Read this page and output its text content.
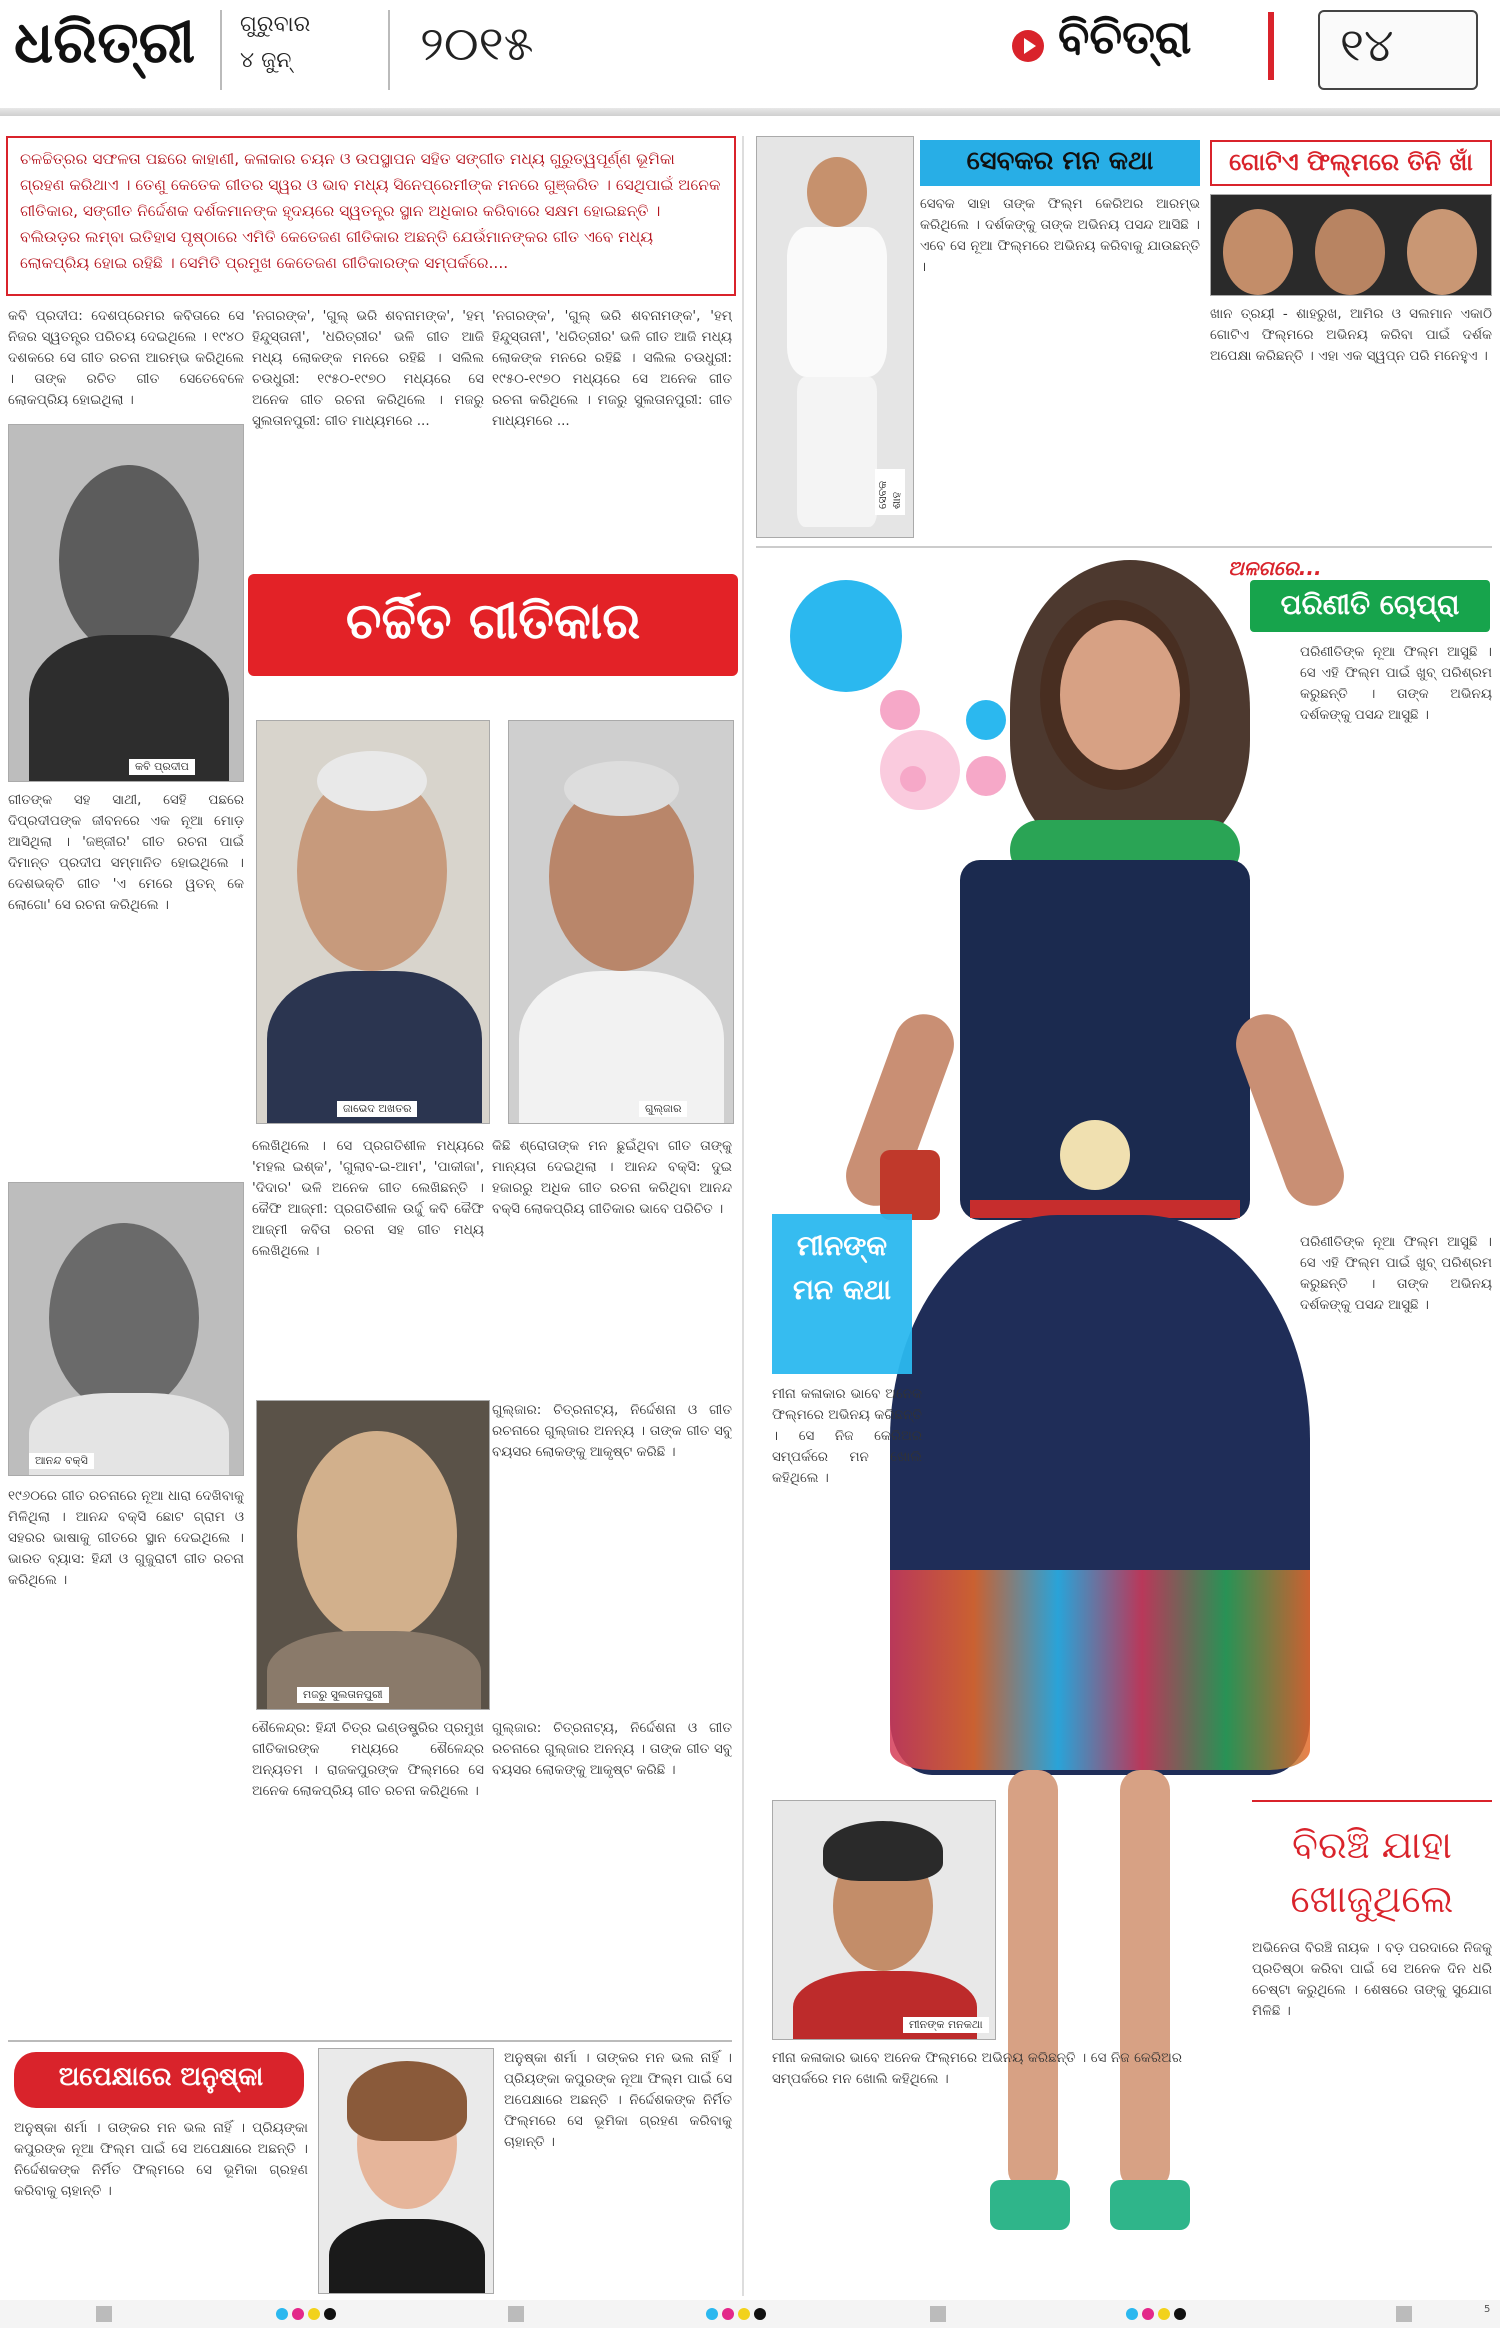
ଧରିତ୍ରୀ ଗୁରୁବାର
୪ ଜୁନ୍	୨୦୧୫	ବିଚିତ୍ରା	୧୪
ଚଳଚ୍ଚିତ୍ରର ସଫଳତା ପଛରେ କାହାଣୀ, କଳାକାର ଚୟନ ଓ ଉପସ୍ଥାପନ ସହିତ ସଙ୍ଗୀତ ମଧ୍ୟ ଗୁରୁତ୍ୱପୂର୍ଣ୍ଣ ଭୂମିକା ଗ୍ରହଣ କରିଥାଏ । ତେଣୁ କେତେକ ଗୀତର ସ୍ୱର ଓ ଭାବ ମଧ୍ୟ ସିନେପ୍ରେମୀଙ୍କ ମନରେ ଗୁଞ୍ଜରିତ । ସେଥିପାଇଁ ଅନେକ ଗୀତିକାର, ସଙ୍ଗୀତ ନିର୍ଦ୍ଦେଶକ ଦର୍ଶକମାନଙ୍କ ହୃଦୟରେ ସ୍ୱତନ୍ତ୍ର ସ୍ଥାନ ଅଧିକାର କରିବାରେ ସକ୍ଷମ ହୋଇଛନ୍ତି । ବଲିଉଡ଼ର ଲମ୍ବା ଇତିହାସ ପୃଷ୍ଠାରେ ଏମିତି କେତେଜଣ ଗୀତିକାର ଅଛନ୍ତି ଯେଉଁମାନଙ୍କର ଗୀତ ଏବେ ମଧ୍ୟ ଲୋକପ୍ରିୟ ହୋଇ ରହିଛି । ସେମିତି ପ୍ରମୁଖ କେତେଜଣ ଗୀତିକାରଙ୍କ ସମ୍ପର୍କରେ....
କବି ପ୍ରଦୀପ: ଦେଶପ୍ରେମର କବିତାରେ ସେ ନିଜର ସ୍ୱତନ୍ତ୍ର ପରିଚୟ ଦେଇଥିଲେ । ୧୯୪୦ ଦଶକରେ ସେ ଗୀତ ରଚନା ଆରମ୍ଭ କରିଥିଲେ । ତାଙ୍କ ରଚିତ ଗୀତ ସେତେବେଳେ ଲୋକପ୍ରିୟ ହୋଇଥିଲା ।
କବି ପ୍ରଦୀପ
'ନଗରଙ୍କ', 'ଗୁଲ୍ ଭରି ଶବନାମଙ୍କ', 'ହମ୍ ହିନ୍ଦୁସ୍ତାନୀ', 'ଧରିତ୍ରୀର' ଭଳି ଗୀତ ଆଜି ମଧ୍ୟ ଲୋକଙ୍କ ମନରେ ରହିଛି । ସଲିଲ ଚଉଧୁରୀ: ୧୯୫୦-୧୯୭୦ ମଧ୍ୟରେ ସେ ଅନେକ ଗୀତ ରଚନା କରିଥିଲେ । ମଜରୁ ସୁଲତାନପୁରୀ: ଗୀତ ମାଧ୍ୟମରେ ...
'ନଗରଙ୍କ', 'ଗୁଲ୍ ଭରି ଶବନାମଙ୍କ', 'ହମ୍ ହିନ୍ଦୁସ୍ତାନୀ', 'ଧରିତ୍ରୀର' ଭଳି ଗୀତ ଆଜି ମଧ୍ୟ ଲୋକଙ୍କ ମନରେ ରହିଛି । ସଲିଲ ଚଉଧୁରୀ: ୧୯୫୦-୧୯୭୦ ମଧ୍ୟରେ ସେ ଅନେକ ଗୀତ ରଚନା କରିଥିଲେ । ମଜରୁ ସୁଲତାନପୁରୀ: ଗୀତ ମାଧ୍ୟମରେ ...
ଚର୍ଚ୍ଚିତ ଗୀତିକାର
ଗୀତଙ୍କ ସହ ସାଥୀ, ସେହି ପଛରେ ଦିପ୍ରଦୀପଙ୍କ ଜୀବନରେ ଏକ ନୂଆ ମୋଡ଼ ଆସିଥିଲା । 'ଜଞ୍ଜୀର' ଗୀତ ରଚନା ପାଇଁ ଦିମାନ୍ତ ପ୍ରଦୀପ ସମ୍ମାନିତ ହୋଇଥିଲେ । ଦେଶଭକ୍ତି ଗୀତ 'ଏ ମେରେ ୱତନ୍ କେ ଲୋଗୋ' ସେ ରଚନା କରିଥିଲେ ।
ଜାଭେଦ ଅଖତର	ଗୁଲ୍ଜାର
ଲେଖିଥିଲେ । ସେ ପ୍ରଗତିଶୀଳ ମଧ୍ୟରେ 'ମହଲ ଇଶ୍କ', 'ଗୁଲାବ-ଇ-ଆମ', 'ପାକୀଜା', 'ଦିଦାର' ଭଳି ଅନେକ ଗୀତ ଲେଖିଛନ୍ତି । କୈଫି ଆଜ୍ମୀ: ପ୍ରଗତିଶୀଳ ଉର୍ଦ୍ଦୁ କବି କୈଫି ଆଜ୍ମୀ କବିତା ରଚନା ସହ ଗୀତ ମଧ୍ୟ ଲେଖିଥିଲେ ।
କିଛି ଶ୍ରୋତାଙ୍କ ମନ ଛୁଇଁଥିବା ଗୀତ ତାଙ୍କୁ ମାନ୍ୟତା ଦେଇଥିଲା । ଆନନ୍ଦ ବକ୍ସି: ଦୁଇ ହଜାରରୁ ଅଧିକ ଗୀତ ରଚନା କରିଥିବା ଆନନ୍ଦ ବକ୍ସି ଲୋକପ୍ରିୟ ଗୀତିକାର ଭାବେ ପରିଚିତ ।
ଆନନ୍ଦ ବକ୍ସି
ମଜରୁ ସୁଲତାନପୁରୀ
ଗୁଲ୍ଜାର: ଚିତ୍ରନାଟ୍ୟ, ନିର୍ଦ୍ଦେଶନା ଓ ଗୀତ ରଚନାରେ ଗୁଲ୍ଜାର ଅନନ୍ୟ । ତାଙ୍କ ଗୀତ ସବୁ ବୟସର ଲୋକଙ୍କୁ ଆକୃଷ୍ଟ କରିଛି ।
୧୯୬୦ରେ ଗୀତ ରଚନାରେ ନୂଆ ଧାରା ଦେଖିବାକୁ ମିଳିଥିଲା । ଆନନ୍ଦ ବକ୍ସି ଛୋଟ ଗ୍ରାମ ଓ ସହରର ଭାଷାକୁ ଗୀତରେ ସ୍ଥାନ ଦେଇଥିଲେ । ଭାରତ ବ୍ୟାସ: ହିନ୍ଦୀ ଓ ଗୁଜୁରାଟୀ ଗୀତ ରଚନା କରିଥିଲେ ।
ଶୈଳେନ୍ଦ୍ର: ହିନ୍ଦୀ ଚିତ୍ର ଇଣ୍ଡଷ୍ଟ୍ରିର ପ୍ରମୁଖ ଗୀତିକାରଙ୍କ ମଧ୍ୟରେ ଶୈଳେନ୍ଦ୍ର ଅନ୍ୟତମ । ରାଜକପୁରଙ୍କ ଫିଲ୍ମରେ ସେ ଅନେକ ଲୋକପ୍ରିୟ ଗୀତ ରଚନା କରିଥିଲେ ।
ଗୁଲ୍ଜାର: ଚିତ୍ରନାଟ୍ୟ, ନିର୍ଦ୍ଦେଶନା ଓ ଗୀତ ରଚନାରେ ଗୁଲ୍ଜାର ଅନନ୍ୟ । ତାଙ୍କ ଗୀତ ସବୁ ବୟସର ଲୋକଙ୍କୁ ଆକୃଷ୍ଟ କରିଛି ।
ଅପେକ୍ଷାରେ ଅନୁଷ୍କା
ଅନୁଷ୍କା ଶର୍ମା । ତାଙ୍କର ମନ ଭଲ ନାହିଁ । ପ୍ରିୟଙ୍କା କପୁରଙ୍କ ନୂଆ ଫିଲ୍ମ ପାଇଁ ସେ ଅପେକ୍ଷାରେ ଅଛନ୍ତି । ନିର୍ଦ୍ଦେଶକଙ୍କ ନିର୍ମିତ ଫିଲ୍ମରେ ସେ ଭୂମିକା ଗ୍ରହଣ କରିବାକୁ ଚାହାନ୍ତି ।
ଅନୁଷ୍କା ଶର୍ମା । ତାଙ୍କର ମନ ଭଲ ନାହିଁ । ପ୍ରିୟଙ୍କା କପୁରଙ୍କ ନୂଆ ଫିଲ୍ମ ପାଇଁ ସେ ଅପେକ୍ଷାରେ ଅଛନ୍ତି । ନିର୍ଦ୍ଦେଶକଙ୍କ ନିର୍ମିତ ଫିଲ୍ମରେ ସେ ଭୂମିକା ଗ୍ରହଣ କରିବାକୁ ଚାହାନ୍ତି ।
ସେବକ ଶାହ
ସେବକର ମନ କଥା
ସେବକ ସାହା ତାଙ୍କ ଫିଲ୍ମ କେରିଅର ଆରମ୍ଭ କରିଥିଲେ । ଦର୍ଶକଙ୍କୁ ତାଙ୍କ ଅଭିନୟ ପସନ୍ଦ ଆସିଛି । ଏବେ ସେ ନୂଆ ଫିଲ୍ମରେ ଅଭିନୟ କରିବାକୁ ଯାଉଛନ୍ତି ।
ଗୋଟିଏ ଫିଲ୍ମରେ ତିନି ଖାଁ
ଖାନ ତ୍ରୟୀ - ଶାହରୁଖ, ଆମିର ଓ ସଲମାନ ଏକାଠି ଗୋଟିଏ ଫିଲ୍ମରେ ଅଭିନୟ କରିବା ପାଇଁ ଦର୍ଶକ ଅପେକ୍ଷା କରିଛନ୍ତି । ଏହା ଏକ ସ୍ୱପ୍ନ ପରି ମନେହୁଏ ।
ଅଳଗରେ...
ପରିଣୀତି ଚୋପ୍ରା
ପରିଣୀତିଙ୍କ ନୂଆ ଫିଲ୍ମ ଆସୁଛି । ସେ ଏହି ଫିଲ୍ମ ପାଇଁ ଖୁବ୍ ପରିଶ୍ରମ କରୁଛନ୍ତି । ତାଙ୍କ ଅଭିନୟ ଦର୍ଶକଙ୍କୁ ପସନ୍ଦ ଆସୁଛି ।
ମୀନଙ୍କ ମନ କଥା
ମୀନା କଳାକାର ଭାବେ ଅନେକ ଫିଲ୍ମରେ ଅଭିନୟ କରିଛନ୍ତି । ସେ ନିଜ କେରିଅର ସମ୍ପର୍କରେ ମନ ଖୋଲି କହିଥିଲେ ।
ପରିଣୀତିଙ୍କ ନୂଆ ଫିଲ୍ମ ଆସୁଛି । ସେ ଏହି ଫିଲ୍ମ ପାଇଁ ଖୁବ୍ ପରିଶ୍ରମ କରୁଛନ୍ତି । ତାଙ୍କ ଅଭିନୟ ଦର୍ଶକଙ୍କୁ ପସନ୍ଦ ଆସୁଛି ।
ମୀନଙ୍କ ମନକଥା
ମୀନା କଳାକାର ଭାବେ ଅନେକ ଫିଲ୍ମରେ ଅଭିନୟ କରିଛନ୍ତି । ସେ ନିଜ କେରିଅର ସମ୍ପର୍କରେ ମନ ଖୋଲି କହିଥିଲେ ।
ବିରଞ୍ଚି ଯାହା ଖୋଜୁଥିଲେ
ଅଭିନେତା ବିରଞ୍ଚି ନାୟକ । ବଡ଼ ପରଦାରେ ନିଜକୁ ପ୍ରତିଷ୍ଠା କରିବା ପାଇଁ ସେ ଅନେକ ଦିନ ଧରି ଚେଷ୍ଟା କରୁଥିଲେ । ଶେଷରେ ତାଙ୍କୁ ସୁଯୋଗ ମିଳିଛି ।
5
